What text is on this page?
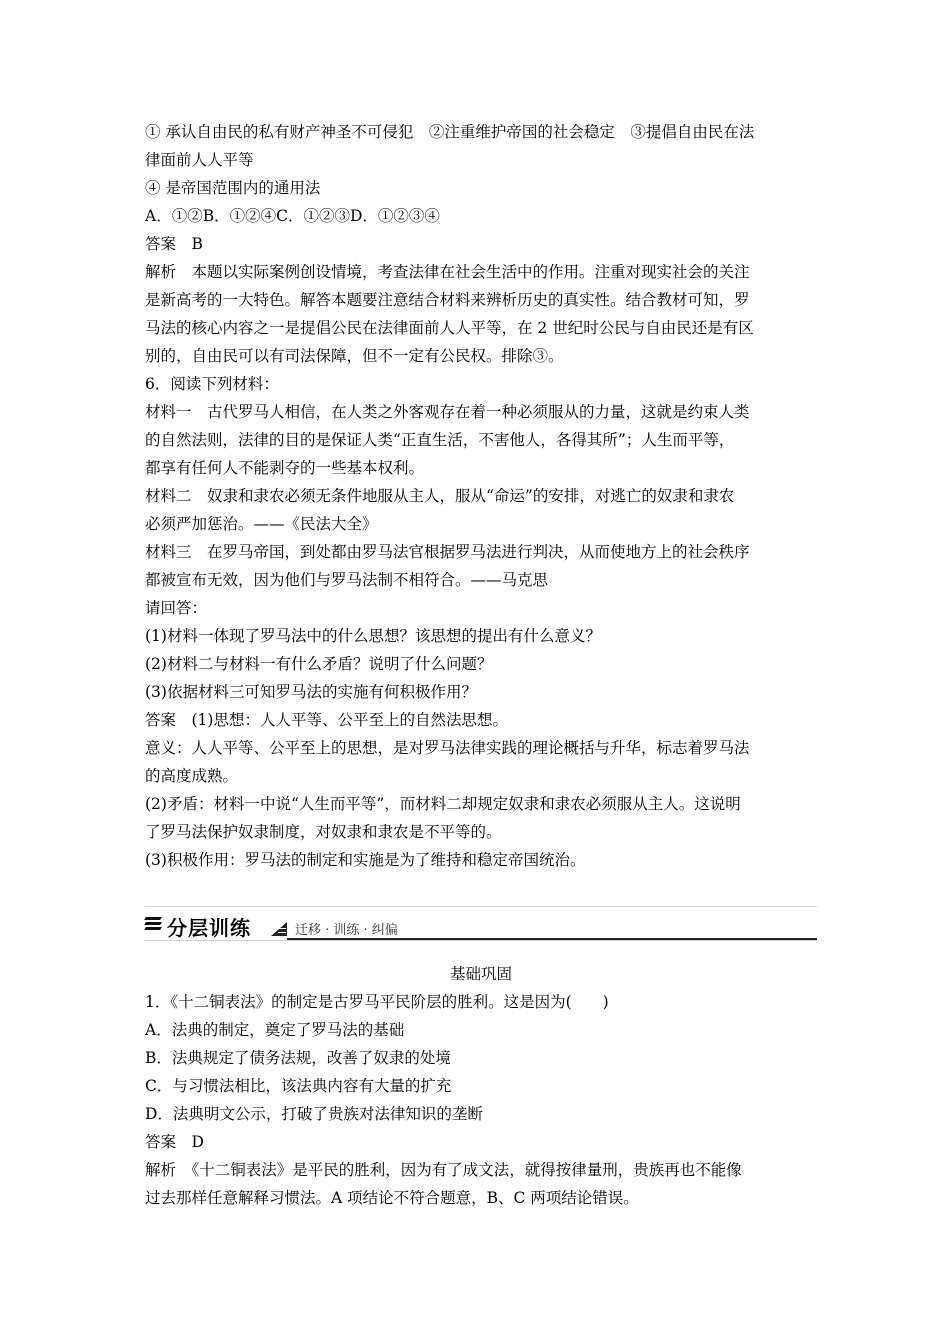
① 承认自由民的私有财产神圣不可侵犯　②注重维护帝国的社会稳定　③提倡自由民在法
律面前人人平等
④ 是帝国范围内的通用法
A．①②B．①②④C．①②③D．①②③④
答案　B
解析　本题以实际案例创设情境，考查法律在社会生活中的作用。注重对现实社会的关注
是新高考的一大特色。解答本题要注意结合材料来辨析历史的真实性。结合教材可知，罗
马法的核心内容之一是提倡公民在法律面前人人平等，在 2 世纪时公民与自由民还是有区
别的，自由民可以有司法保障，但不一定有公民权。排除③。
6．阅读下列材料：
材料一　古代罗马人相信，在人类之外客观存在着一种必须服从的力量，这就是约束人类
的自然法则，法律的目的是保证人类“正直生活，不害他人，各得其所”；人生而平等，
都享有任何人不能剥夺的一些基本权利。
材料二　奴隶和隶农必须无条件地服从主人，服从“命运”的安排，对逃亡的奴隶和隶农
必须严加惩治。——《民法大全》
材料三　在罗马帝国，到处都由罗马法官根据罗马法进行判决，从而使地方上的社会秩序
都被宣布无效，因为他们与罗马法制不相符合。——马克思
请回答：
(1)材料一体现了罗马法中的什么思想？该思想的提出有什么意义？
(2)材料二与材料一有什么矛盾？说明了什么问题？
(3)依据材料三可知罗马法的实施有何积极作用？
答案　(1)思想：人人平等、公平至上的自然法思想。
意义：人人平等、公平至上的思想，是对罗马法律实践的理论概括与升华，标志着罗马法
的高度成熟。
(2)矛盾：材料一中说“人生而平等”，而材料二却规定奴隶和隶农必须服从主人。这说明
了罗马法保护奴隶制度，对奴隶和隶农是不平等的。
(3)积极作用：罗马法的制定和实施是为了维持和稳定帝国统治。
分层训练	迁移 · 训练 · 纠偏
基础巩固
1．《十二铜表法》的制定是古罗马平民阶层的胜利。这是因为(　　)
A．法典的制定，奠定了罗马法的基础
B．法典规定了债务法规，改善了奴隶的处境
C．与习惯法相比，该法典内容有大量的扩充
D．法典明文公示，打破了贵族对法律知识的垄断
答案　D
解析　《十二铜表法》是平民的胜利，因为有了成文法，就得按律量刑，贵族再也不能像
过去那样任意解释习惯法。A 项结论不符合题意，B、C 两项结论错误。
